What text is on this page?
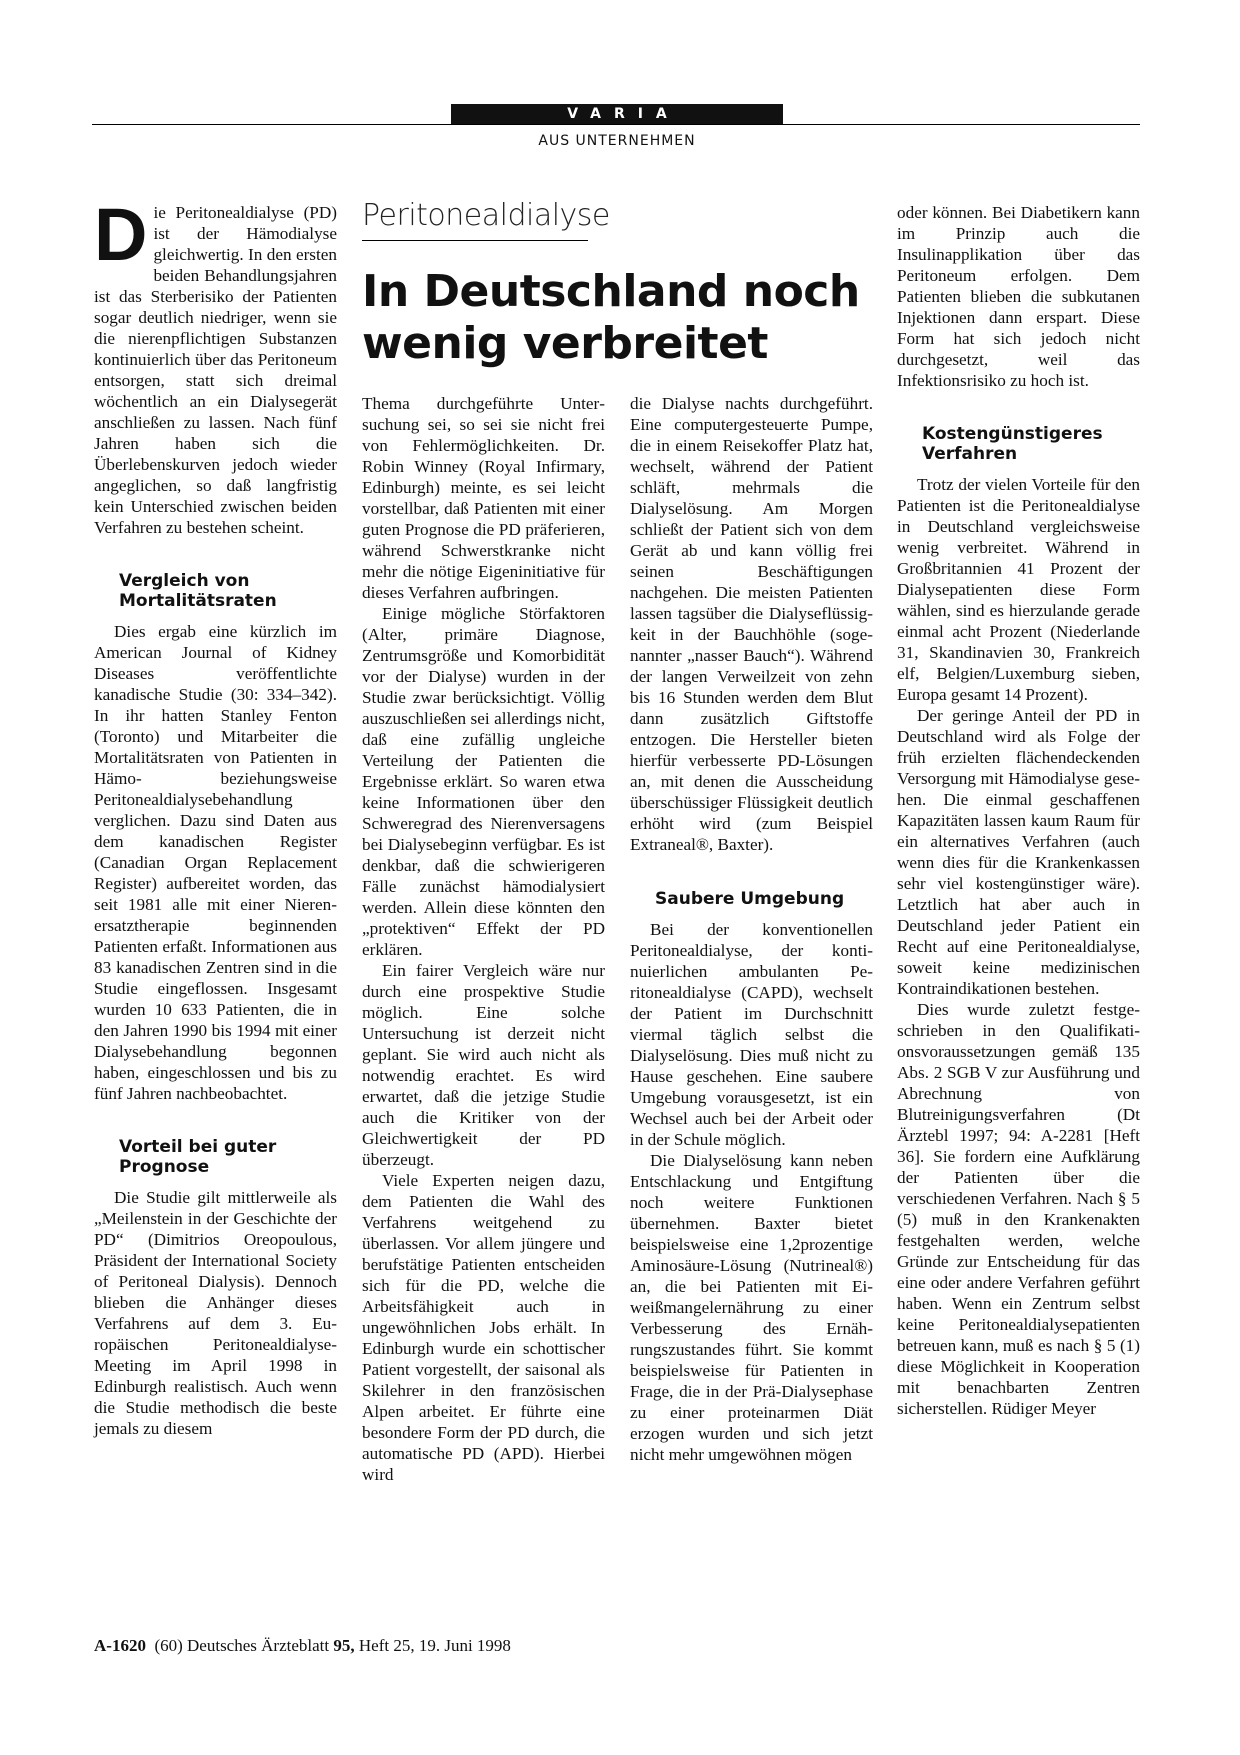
VARIA
AUS UNTERNEHMEN
Peritonealdialyse
In Deutschland noch wenig verbreitet

Die Peritonealdialyse (PD) ist der Hämodialyse gleichwertig. In den ersten beiden Behandlungsjahren ist das Sterberisiko der Patienten sogar deutlich niedriger, wenn sie die nierenpflichtigen Substanzen kontinuierlich über das Peritoneum entsorgen, statt sich dreimal wöchentlich an ein Dialysegerät anschließen zu lassen. Nach fünf Jahren haben sich die Überlebenskurven jedoch wieder angeglichen, so daß langfristig kein Unterschied zwischen beiden Verfahren zu bestehen scheint.

Vergleich von Mortalitätsraten

Dies ergab eine kürzlich im American Journal of Kidney Diseases veröffentlichte kanadische Studie (30: 334–342). In ihr hatten Stanley Fenton (Toronto) und Mitarbeiter die Mortalitätsraten von Patienten in Hämo- beziehungsweise Peritonealdialysebehandlung verglichen. Dazu sind Daten aus dem kanadischen Register (Canadian Organ Replacement Register) aufbereitet worden, das seit 1981 alle mit einer Nierenersatztherapie beginnenden Patienten erfaßt. Informationen aus 83 kanadischen Zentren sind in die Studie eingeflossen. Insgesamt wurden 10 633 Patienten, die in den Jahren 1990 bis 1994 mit einer Dialysebehandlung begonnen haben, eingeschlossen und bis zu fünf Jahren nachbeobachtet.

Vorteil bei guter Prognose

Die Studie gilt mittlerweile als „Meilenstein in der Geschichte der PD“ (Dimitrios Oreopoulous, Präsident der International Society of Peritoneal Dialysis). Dennoch blieben die Anhänger dieses Verfahrens auf dem 3. Europäischen Peritonealdialyse-Meeting im April 1998 in Edinburgh realistisch. Auch wenn die Studie methodisch die beste jemals zu diesem

Thema durchgeführte Untersuchung sei, so sei sie nicht frei von Fehlermöglichkeiten. Dr. Robin Winney (Royal Infirmary, Edinburgh) meinte, es sei leicht vorstellbar, daß Patienten mit einer guten Prognose die PD präferieren, während Schwerstkranke nicht mehr die nötige Eigeninitiative für dieses Verfahren aufbringen.

Einige mögliche Störfaktoren (Alter, primäre Diagnose, Zentrumsgröße und Komorbidität vor der Dialyse) wurden in der Studie zwar berücksichtigt. Völlig auszuschließen sei allerdings nicht, daß eine zufällig ungleiche Verteilung der Patienten die Ergebnisse erklärt. So waren etwa keine Informationen über den Schweregrad des Nierenversagens bei Dialysebeginn verfügbar. Es ist denkbar, daß die schwierigeren Fälle zunächst hämodialysiert werden. Allein diese könnten den „protektiven“ Effekt der PD erklären.

Ein fairer Vergleich wäre nur durch eine prospektive Studie möglich. Eine solche Untersuchung ist derzeit nicht geplant. Sie wird auch nicht als notwendig erachtet. Es wird erwartet, daß die jetzige Studie auch die Kritiker von der Gleichwertigkeit der PD überzeugt.

Viele Experten neigen dazu, dem Patienten die Wahl des Verfahrens weitgehend zu überlassen. Vor allem jüngere und berufstätige Patienten entscheiden sich für die PD, welche die Arbeitsfähigkeit auch in ungewöhnlichen Jobs erhält. In Edinburgh wurde ein schottischer Patient vorgestellt, der saisonal als Skilehrer in den französischen Alpen arbeitet. Er führte eine besondere Form der PD durch, die automatische PD (APD). Hierbei wird

die Dialyse nachts durchgeführt. Eine computergesteuerte Pumpe, die in einem Reisekoffer Platz hat, wechselt, während der Patient schläft, mehrmals die Dialyselösung. Am Morgen schließt der Patient sich von dem Gerät ab und kann völlig frei seinen Beschäftigungen nachgehen. Die meisten Patienten lassen tagsüber die Dialyseflüssigkeit in der Bauchhöhle (sogenannter „nasser Bauch“). Während der langen Verweilzeit von zehn bis 16 Stunden werden dem Blut dann zusätzlich Giftstoffe entzogen. Die Hersteller bieten hierfür verbesserte PD-Lösungen an, mit denen die Ausscheidung überschüssiger Flüssigkeit deutlich erhöht wird (zum Beispiel Extraneal®, Baxter).

Saubere Umgebung

Bei der konventionellen Peritonealdialyse, der kontinuierlichen ambulanten Peritonealdialyse (CAPD), wechselt der Patient im Durchschnitt viermal täglich selbst die Dialyselösung. Dies muß nicht zu Hause geschehen. Eine saubere Umgebung vorausgesetzt, ist ein Wechsel auch bei der Arbeit oder in der Schule möglich.

Die Dialyselösung kann neben Entschlackung und Entgiftung noch weitere Funktionen übernehmen. Baxter bietet beispielsweise eine 1,2prozentige Aminosäure-Lösung (Nutrineal®) an, die bei Patienten mit Eiweißmangelernährung zu einer Verbesserung des Ernährungszustandes führt. Sie kommt beispielsweise für Patienten in Frage, die in der Prä-Dialysephase zu einer proteinarmen Diät erzogen wurden und sich jetzt nicht mehr umgewöhnen mögen

oder können. Bei Diabetikern kann im Prinzip auch die Insulinapplikation über das Peritoneum erfolgen. Dem Patienten blieben die subkutanen Injektionen dann erspart. Diese Form hat sich jedoch nicht durchgesetzt, weil das Infektionsrisiko zu hoch ist.

Kostengünstigeres Verfahren

Trotz der vielen Vorteile für den Patienten ist die Peritonealdialyse in Deutschland vergleichsweise wenig verbreitet. Während in Großbritannien 41 Prozent der Dialysepatienten diese Form wählen, sind es hierzulande gerade einmal acht Prozent (Niederlande 31, Skandinavien 30, Frankreich elf, Belgien/Luxemburg sieben, Europa gesamt 14 Prozent).

Der geringe Anteil der PD in Deutschland wird als Folge der früh erzielten flächendeckenden Versorgung mit Hämodialyse gesehen. Die einmal geschaffenen Kapazitäten lassen kaum Raum für ein alternatives Verfahren (auch wenn dies für die Krankenkassen sehr viel kostengünstiger wäre). Letztlich hat aber auch in Deutschland jeder Patient ein Recht auf eine Peritonealdialyse, soweit keine medizinischen Kontraindikationen bestehen.

Dies wurde zuletzt festgeschrieben in den Qualifikationsvoraussetzungen gemäß 135 Abs. 2 SGB V zur Ausführung und Abrechnung von Blutreinigungsverfahren (Dt Ärztebl 1997; 94: A-2281 [Heft 36]. Sie fordern eine Aufklärung der Patienten über die verschiedenen Verfahren. Nach § 5 (5) muß in den Krankenakten festgehalten werden, welche Gründe zur Entscheidung für das eine oder andere Verfahren geführt haben. Wenn ein Zentrum selbst keine Peritonealdialysepatienten betreuen kann, muß es nach § 5 (1) diese Möglichkeit in Kooperation mit benachbarten Zentren sicherstellen. Rüdiger Meyer

A-1620 (60) Deutsches Ärzteblatt 95, Heft 25, 19. Juni 1998
